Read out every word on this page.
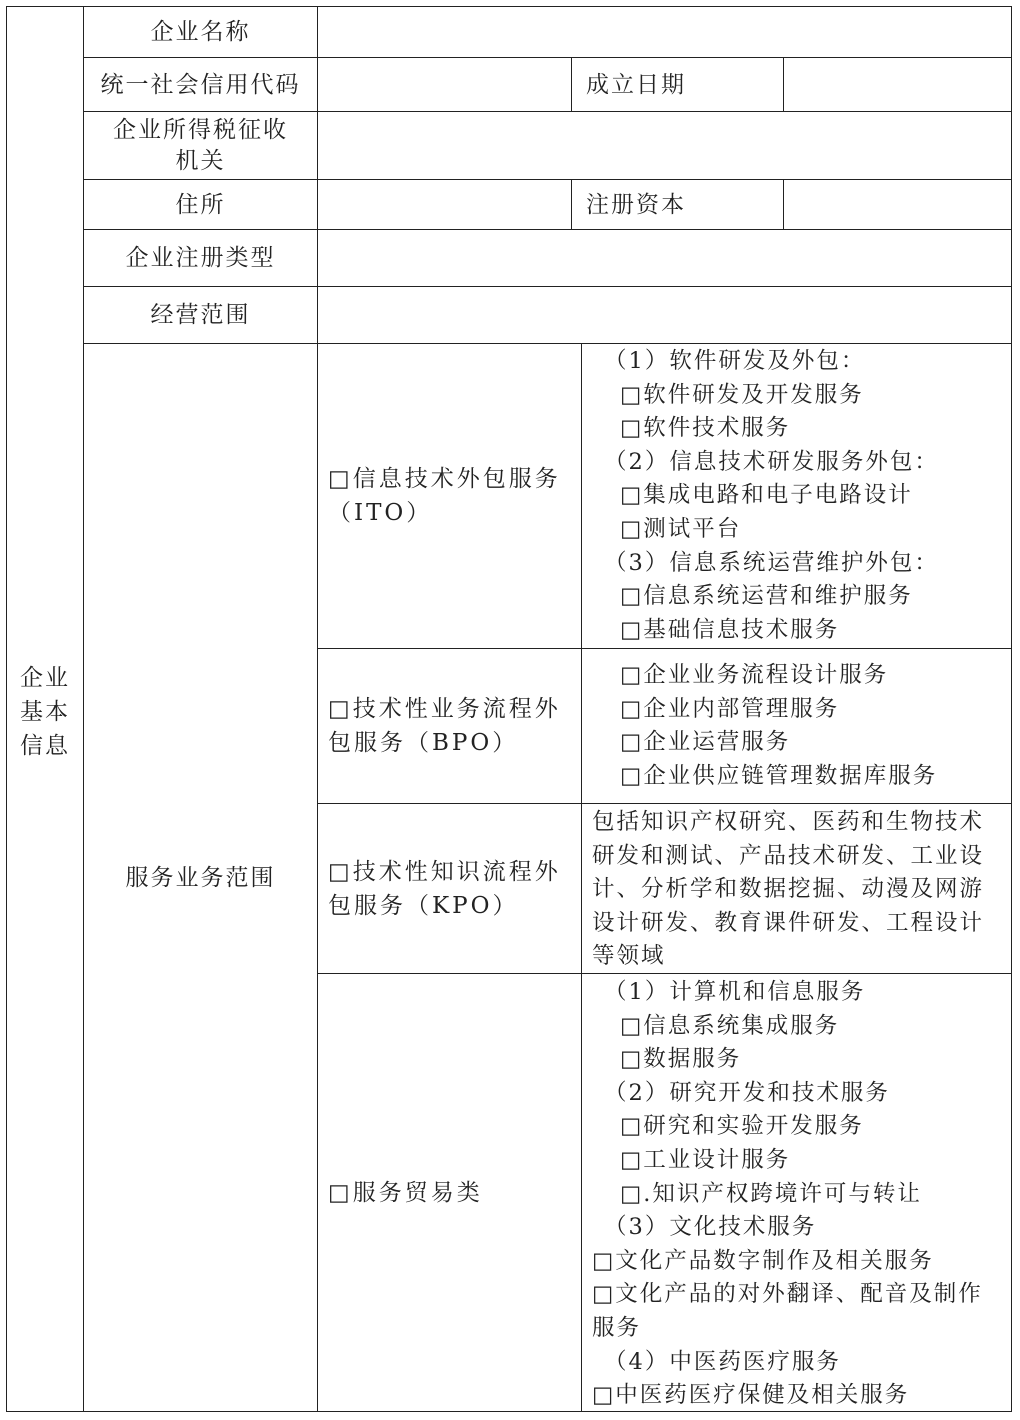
企业
基本
信息
企业名称
统一社会信用代码	成立日期
企业所得税征收
机关
住所	注册资本
企业注册类型
经营范围
服务业务范围
□信息技术外包服务
（ITO）
（1）软件研发及外包：
□软件研发及开发服务
□软件技术服务
（2）信息技术研发服务外包：
□集成电路和电子电路设计
□测试平台
（3）信息系统运营维护外包：
□信息系统运营和维护服务
□基础信息技术服务
□技术性业务流程外
包服务（BPO）
□企业业务流程设计服务
□企业内部管理服务
□企业运营服务
□企业供应链管理数据库服务
□技术性知识流程外
包服务（KPO）
包括知识产权研究、医药和生物技术
研发和测试、产品技术研发、工业设
计、分析学和数据挖掘、动漫及网游
设计研发、教育课件研发、工程设计
等领域
□服务贸易类
（1）计算机和信息服务
□信息系统集成服务
□数据服务
（2）研究开发和技术服务
□研究和实验开发服务
□工业设计服务
□.知识产权跨境许可与转让
（3）文化技术服务
□文化产品数字制作及相关服务
□文化产品的对外翻译、配音及制作
服务
（4）中医药医疗服务
□中医药医疗保健及相关服务
